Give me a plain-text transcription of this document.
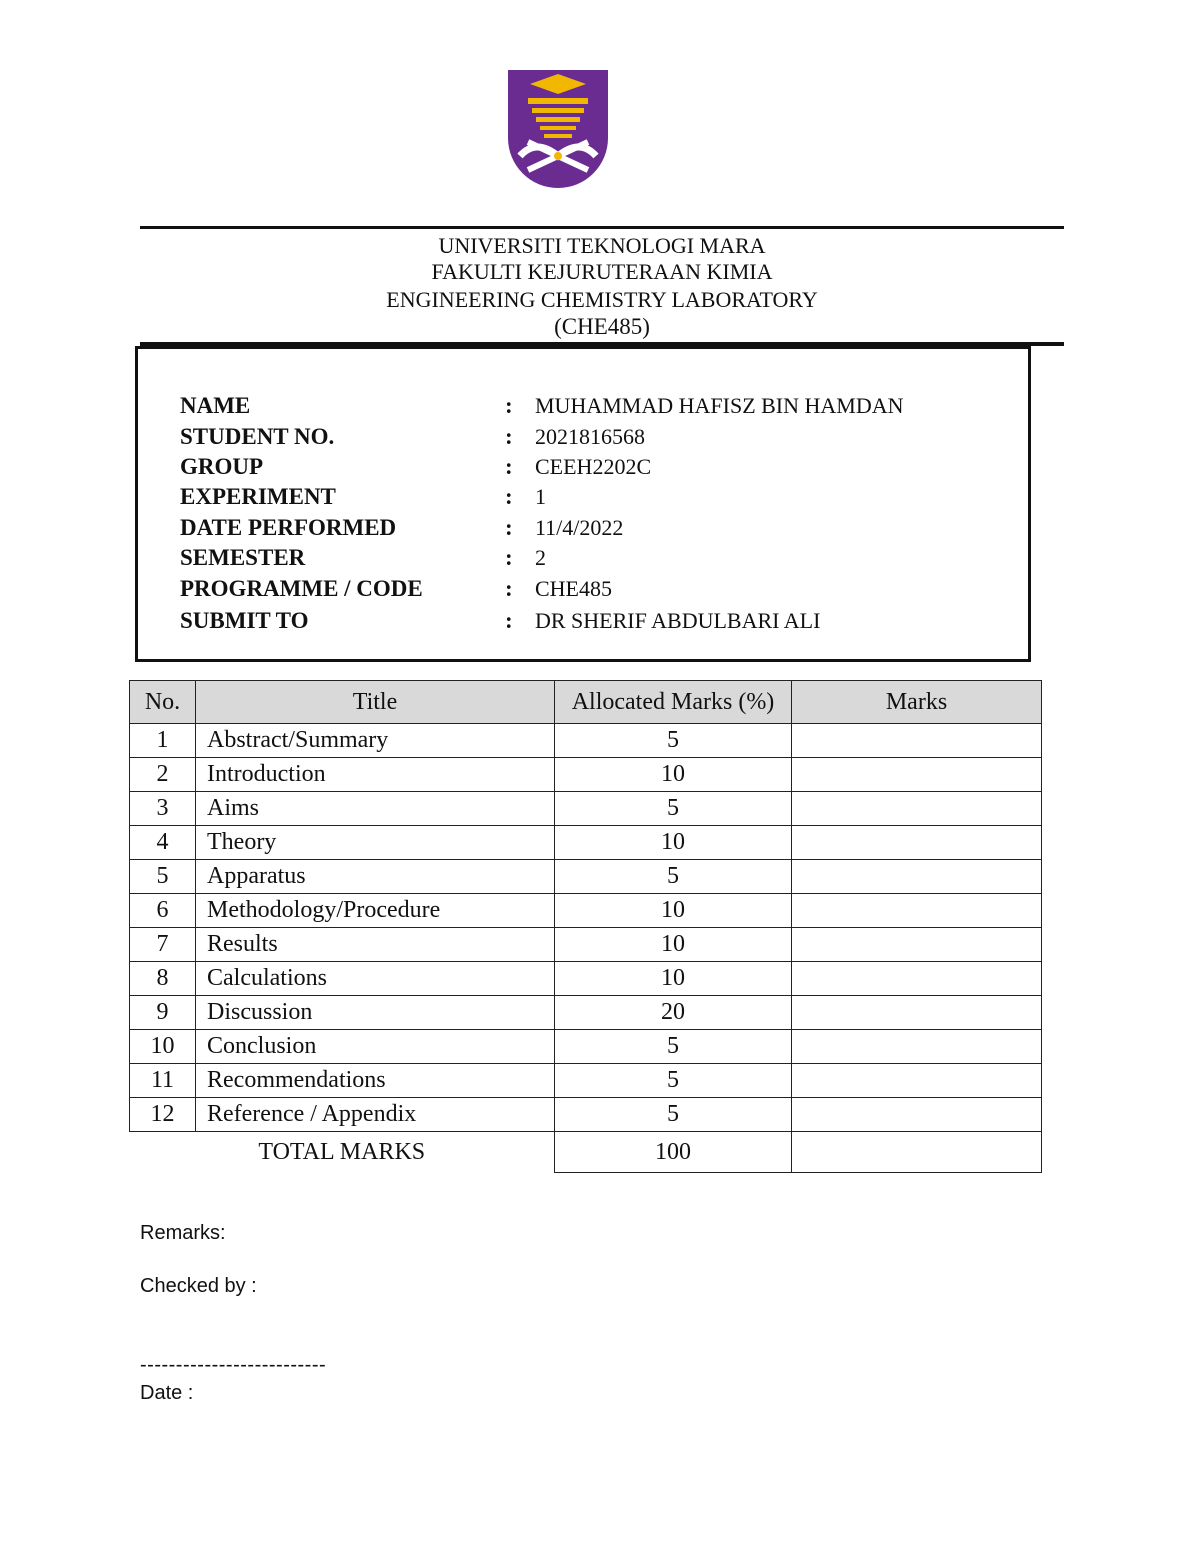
UNIVERSITI TEKNOLOGI MARA
FAKULTI KEJURUTERAAN KIMIA
ENGINEERING CHEMISTRY LABORATORY
(CHE485)
NAME	: MUHAMMAD HAFISZ BIN HAMDAN
STUDENT NO.	: 2021816568
GROUP	: CEEH2202C
EXPERIMENT	: 1
DATE PERFORMED	: 11/4/2022
SEMESTER	: 2
PROGRAMME / CODE	: CHE485
SUBMIT TO	: DR SHERIF ABDULBARI ALI
No.	Title	Allocated Marks (%)	Marks
1	Abstract/Summary	5	
2	Introduction	10	
3	Aims	5	
4	Theory	10	
5	Apparatus	5	
6	Methodology/Procedure	10	
7	Results	10	
8	Calculations	10	
9	Discussion	20	
10	Conclusion	5	
11	Recommendations	5	
12	Reference / Appendix	5	
TOTAL MARKS		100	
Remarks:
Checked by :
--------------------------
Date :
